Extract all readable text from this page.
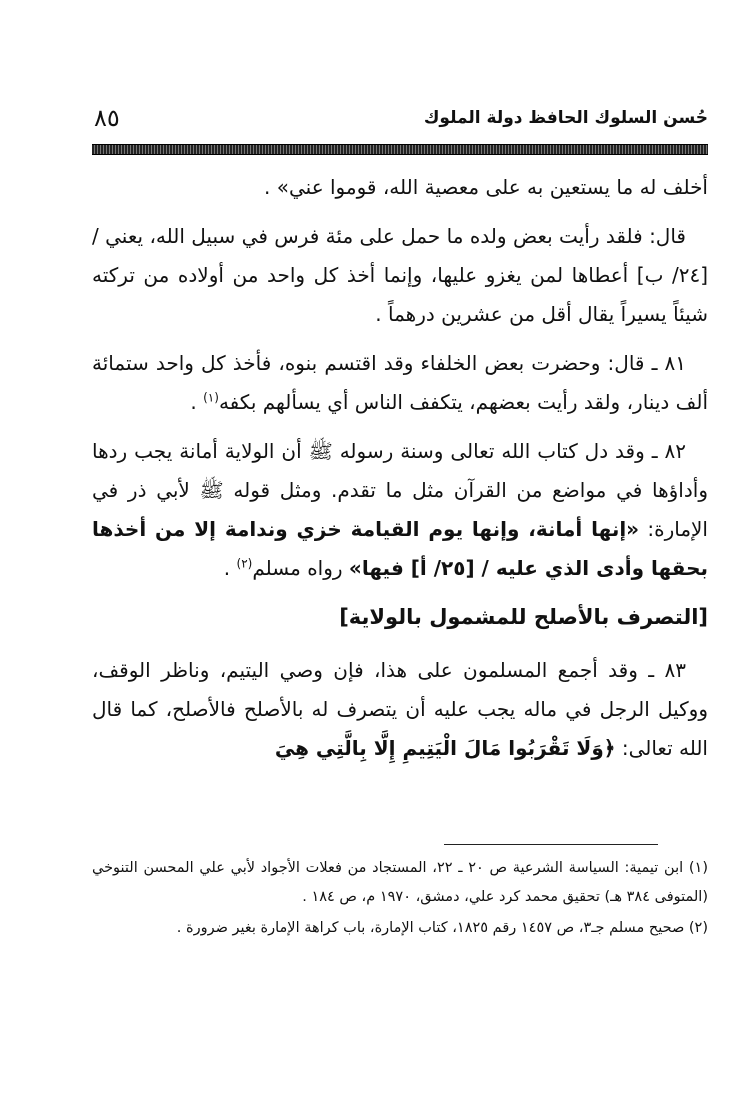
حُسن السلوك الحافظ دولة الملوك
٨٥

أخلف له ما يستعين به على معصية الله، قوموا عني» .

قال: فلقد رأيت بعض ولده ما حمل على مئة فرس في سبيل الله، يعني / [٢٤/ ب] أعطاها لمن يغزو عليها، وإنما أخذ كل واحد من أولاده من تركته شيئاً يسيراً يقال أقل من عشرين درهماً .

٨١ ـ قال: وحضرت بعض الخلفاء وقد اقتسم بنوه، فأخذ كل واحد ستمائة ألف دينار، ولقد رأيت بعضهم، يتكفف الناس أي يسألهم بكفه$^{(١)}$ .

٨٢ ـ وقد دل كتاب الله تعالى وسنة رسوله ﷺ أن الولاية أمانة يجب ردها وأداؤها في مواضع من القرآن مثل ما تقدم. ومثل قوله ﷺ لأبي ذر في الإمارة: «إنها أمانة، وإنها يوم القيامة خزي وندامة إلا من أخذها بحقها وأدى الذي عليه / [٢٥/ أ] فيها» رواه مسلم$^{(٢)}$ .

[التصرف بالأصلح للمشمول بالولاية]

٨٣ ـ وقد أجمع المسلمون على هذا، فإن وصي اليتيم، وناظر الوقف، ووكيل الرجل في ماله يجب عليه أن يتصرف له بالأصلح فالأصلح، كما قال الله تعالى: ﴿وَلَا تَقْرَبُوا مَالَ الْيَتِيمِ إِلَّا بِالَّتِي هِيَ

(١) ابن تيمية: السياسة الشرعية ص ٢٠ ـ ٢٢، المستجاد من فعلات الأجواد لأبي علي المحسن التنوخي (المتوفى ٣٨٤ هـ) تحقيق محمد كرد علي، دمشق، ١٩٧٠ م، ص ١٨٤ .

(٢) صحيح مسلم جـ٣، ص ١٤٥٧ رقم ١٨٢٥، كتاب الإمارة، باب كراهة الإمارة بغير ضرورة .
